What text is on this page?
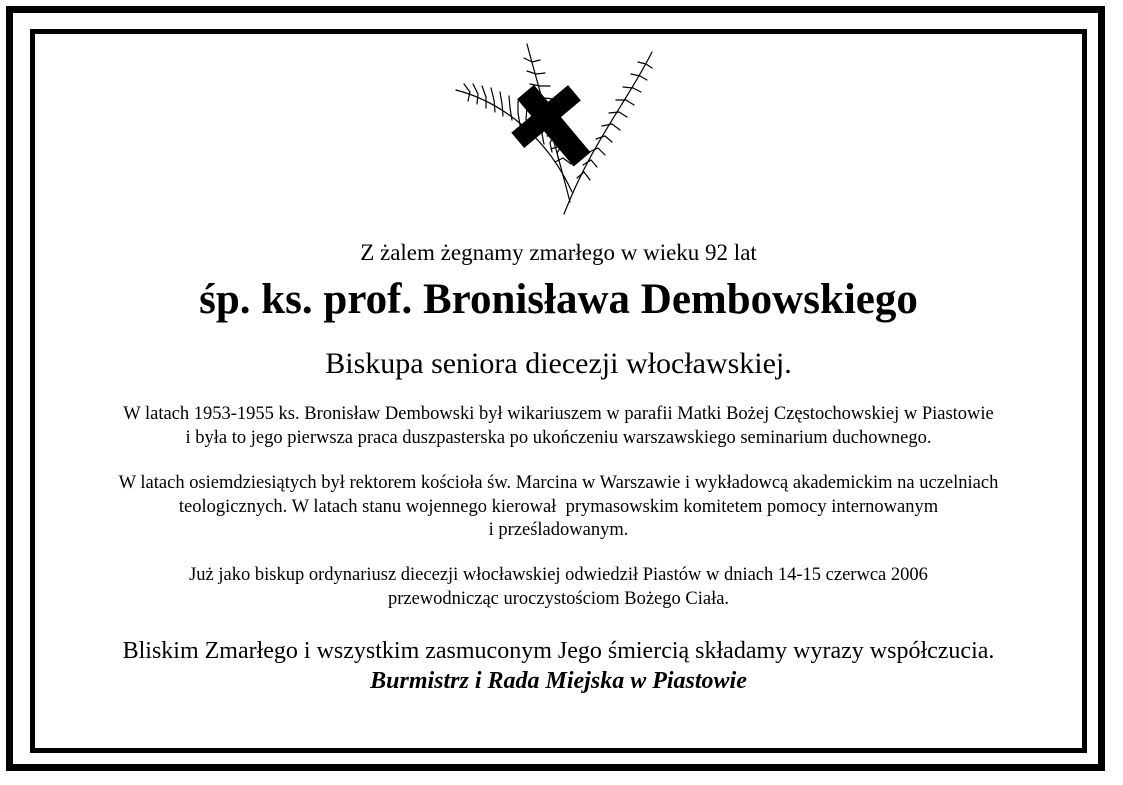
Z żalem żegnamy zmarłego w wieku 92 lat
śp. ks. prof. Bronisława Dembowskiego
Biskupa seniora diecezji włocławskiej.
W latach 1953-1955 ks. Bronisław Dembowski był wikariuszem w parafii Matki Bożej Częstochowskiej w Piastowie
i była to jego pierwsza praca duszpasterska po ukończeniu warszawskiego seminarium duchownego.
W latach osiemdziesiątych był rektorem kościoła św. Marcina w Warszawie i wykładowcą akademickim na uczelniach
teologicznych. W latach stanu wojennego kierował  prymasowskim komitetem pomocy internowanym
i prześladowanym.
Już jako biskup ordynariusz diecezji włocławskiej odwiedził Piastów w dniach 14-15 czerwca 2006
przewodnicząc uroczystościom Bożego Ciała.
Bliskim Zmarłego i wszystkim zasmuconym Jego śmiercią składamy wyrazy współczucia.
Burmistrz i Rada Miejska w Piastowie
